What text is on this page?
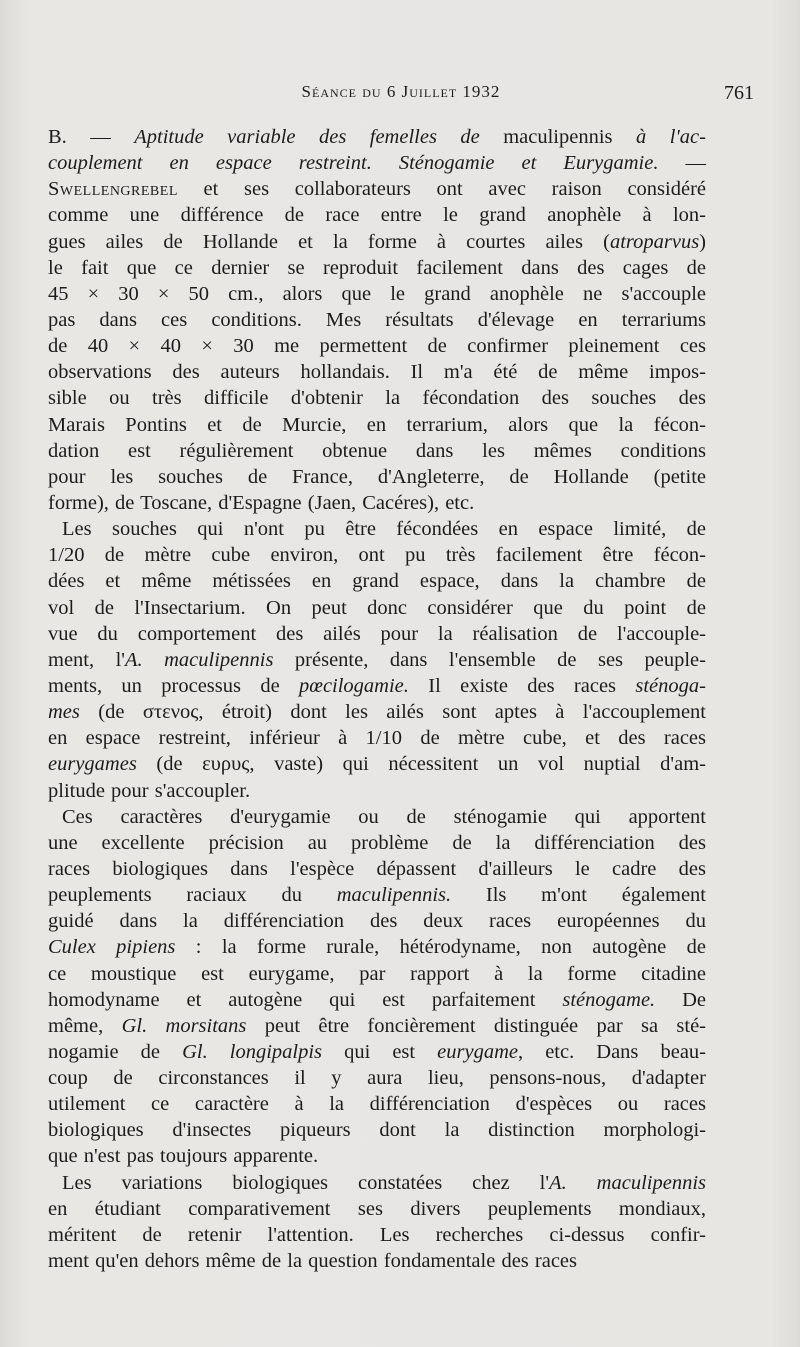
Séance du 6 Juillet 1932	761
B. — Aptitude variable des femelles de maculipennis à l'ac-
couplement en espace restreint. Sténogamie et Eurygamie. —
Swellengrebel et ses collaborateurs ont avec raison considéré
comme une différence de race entre le grand anophèle à lon-
gues ailes de Hollande et la forme à courtes ailes (atroparvus)
le fait que ce dernier se reproduit facilement dans des cages de
45 × 30 × 50 cm., alors que le grand anophèle ne s'accouple
pas dans ces conditions. Mes résultats d'élevage en terrariums
de 40 × 40 × 30 me permettent de confirmer pleinement ces
observations des auteurs hollandais. Il m'a été de même impos-
sible ou très difficile d'obtenir la fécondation des souches des
Marais Pontins et de Murcie, en terrarium, alors que la fécon-
dation est régulièrement obtenue dans les mêmes conditions
pour les souches de France, d'Angleterre, de Hollande (petite
forme), de Toscane, d'Espagne (Jaen, Cacéres), etc.
Les souches qui n'ont pu être fécondées en espace limité, de
1/20 de mètre cube environ, ont pu très facilement être fécon-
dées et même métissées en grand espace, dans la chambre de
vol de l'Insectarium. On peut donc considérer que du point de
vue du comportement des ailés pour la réalisation de l'accouple-
ment, l'A. maculipennis présente, dans l'ensemble de ses peuple-
ments, un processus de pœcilogamie. Il existe des races sténoga-
mes (de στενος, étroit) dont les ailés sont aptes à l'accouplement
en espace restreint, inférieur à 1/10 de mètre cube, et des races
eurygames (de ευρυς, vaste) qui nécessitent un vol nuptial d'am-
plitude pour s'accoupler.
Ces caractères d'eurygamie ou de sténogamie qui apportent
une excellente précision au problème de la différenciation des
races biologiques dans l'espèce dépassent d'ailleurs le cadre des
peuplements raciaux du maculipennis. Ils m'ont également
guidé dans la différenciation des deux races européennes du
Culex pipiens : la forme rurale, hétérodyname, non autogène de
ce moustique est eurygame, par rapport à la forme citadine
homodyname et autogène qui est parfaitement sténogame. De
même, Gl. morsitans peut être foncièrement distinguée par sa sté-
nogamie de Gl. longipalpis qui est eurygame, etc. Dans beau-
coup de circonstances il y aura lieu, pensons-nous, d'adapter
utilement ce caractère à la différenciation d'espèces ou races
biologiques d'insectes piqueurs dont la distinction morphologi-
que n'est pas toujours apparente.
Les variations biologiques constatées chez l'A. maculipennis
en étudiant comparativement ses divers peuplements mondiaux,
méritent de retenir l'attention. Les recherches ci-dessus confir-
ment qu'en dehors même de la question fondamentale des races
